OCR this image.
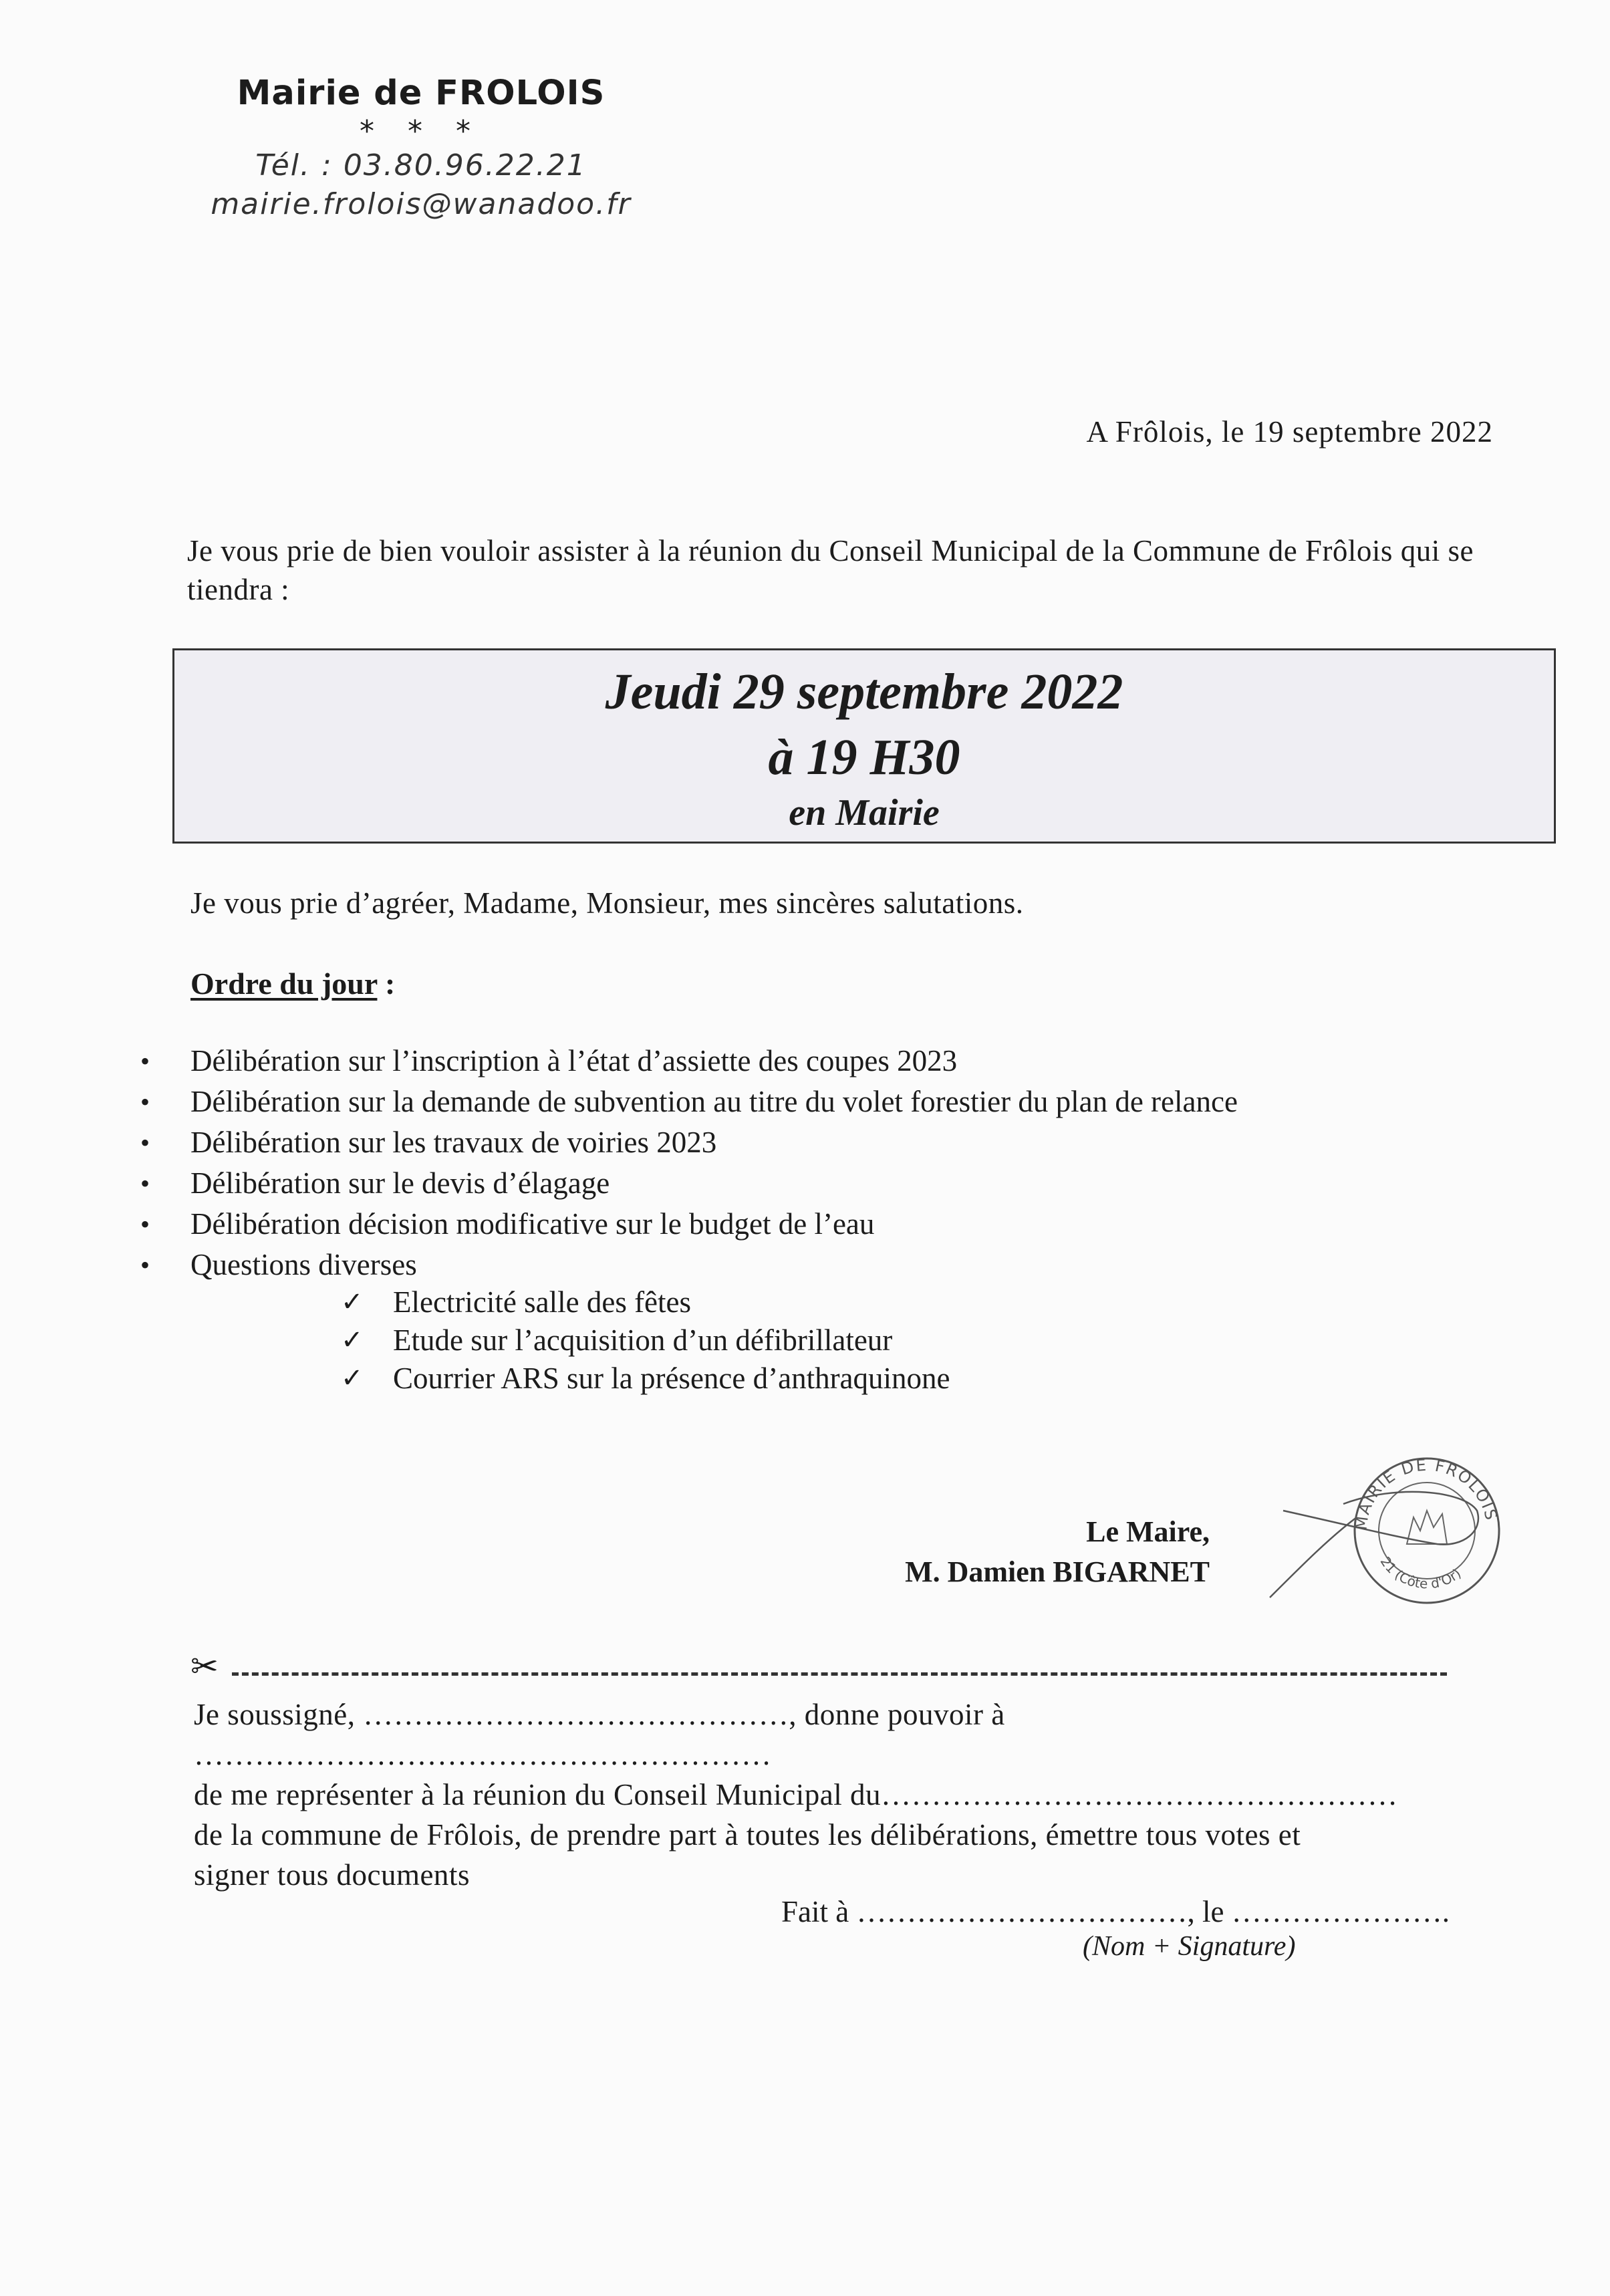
Mairie de FROLOIS
* * *
Tél. : 03.80.96.22.21
mairie.frolois@wanadoo.fr
A Frôlois, le 19 septembre 2022
Je vous prie de bien vouloir assister à la réunion du Conseil Municipal de la Commune de Frôlois qui se tiendra :
Jeudi 29 septembre 2022
à 19 H30
en Mairie
Je vous prie d’agréer, Madame, Monsieur, mes sincères salutations.
Ordre du jour :
•	Délibération sur l’inscription à l’état d’assiette des coupes 2023
•	Délibération sur la demande de subvention au titre du volet forestier du plan de relance
•	Délibération sur les travaux de voiries 2023
•	Délibération sur le devis d’élagage
•	Délibération décision modificative sur le budget de l’eau
•	Questions diverses
✓ Electricité salle des fêtes
✓ Etude sur l’acquisition d’un défibrillateur
✓ Courrier ARS sur la présence d’anthraquinone
Le Maire,
M. Damien BIGARNET
MAIRIE DE FROLOIS
21 (Côte d'Or)
✂
Je soussigné, ……………………………………, donne pouvoir à …………………………………………………
de me représenter à la réunion du Conseil Municipal du……………………………………………
de la commune de Frôlois, de prendre part à toutes les délibérations, émettre tous votes et
signer tous documents
Fait à ……………………………, le ………………….
(Nom + Signature)
